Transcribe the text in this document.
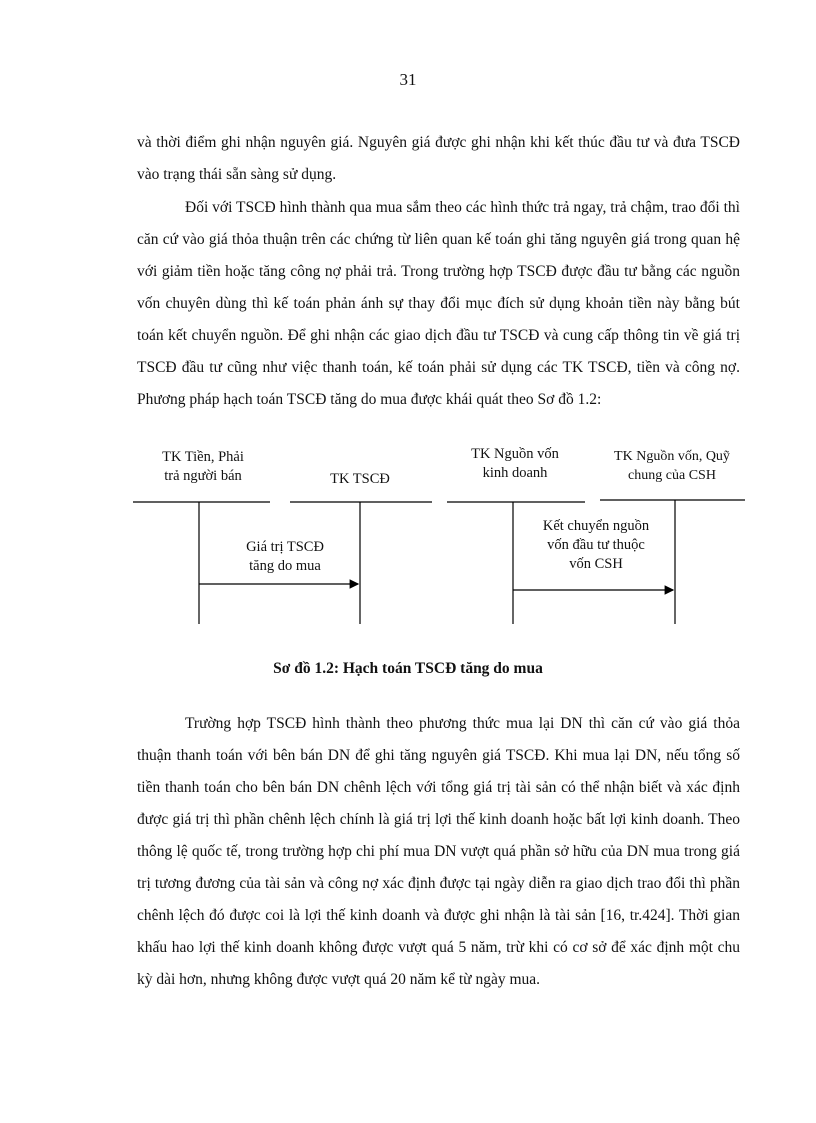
31

và thời điểm ghi nhận nguyên giá. Nguyên giá được ghi nhận khi kết thúc đầu tư và đưa TSCĐ vào trạng thái sẵn sàng sử dụng.

Đối với TSCĐ hình thành qua mua sắm theo các hình thức trả ngay, trả chậm, trao đổi thì căn cứ vào giá thỏa thuận trên các chứng từ liên quan kế toán ghi tăng nguyên giá trong quan hệ với giảm tiền hoặc tăng công nợ phải trả. Trong trường hợp TSCĐ được đầu tư bằng các nguồn vốn chuyên dùng thì kế toán phản ánh sự thay đổi mục đích sử dụng khoản tiền này bằng bút toán kết chuyển nguồn. Để ghi nhận các giao dịch đầu tư TSCĐ và cung cấp thông tin về giá trị TSCĐ đầu tư cũng như việc thanh toán, kế toán phải sử dụng các TK TSCĐ, tiền và công nợ. Phương pháp hạch toán TSCĐ tăng do mua được khái quát theo Sơ đồ 1.2:

TK Tiền, Phải
trả người bán	TK TSCĐ
TK Nguồn vốn
kinh doanh
TK Nguồn vốn, Quỹ
chung của CSH
Giá trị TSCĐ
tăng do mua
Kết chuyển nguồn
vốn đầu tư thuộc
vốn CSH
Sơ đồ 1.2: Hạch toán TSCĐ tăng do mua

Trường hợp TSCĐ hình thành theo phương thức mua lại DN thì căn cứ vào giá thỏa thuận thanh toán với bên bán DN để ghi tăng nguyên giá TSCĐ. Khi mua lại DN, nếu tổng số tiền thanh toán cho bên bán DN chênh lệch với tổng giá trị tài sản có thể nhận biết và xác định được giá trị thì phần chênh lệch chính là giá trị lợi thế kinh doanh hoặc bất lợi kinh doanh. Theo thông lệ quốc tế, trong trường hợp chi phí mua DN vượt quá phần sở hữu của DN mua trong giá trị tương đương của tài sản và công nợ xác định được tại ngày diễn ra giao dịch trao đổi thì phần chênh lệch đó được coi là lợi thế kinh doanh và được ghi nhận là tài sản [16, tr.424]. Thời gian khấu hao lợi thế kinh doanh không được vượt quá 5 năm, trừ khi có cơ sở để xác định một chu kỳ dài hơn, nhưng không được vượt quá 20 năm kể từ ngày mua.
